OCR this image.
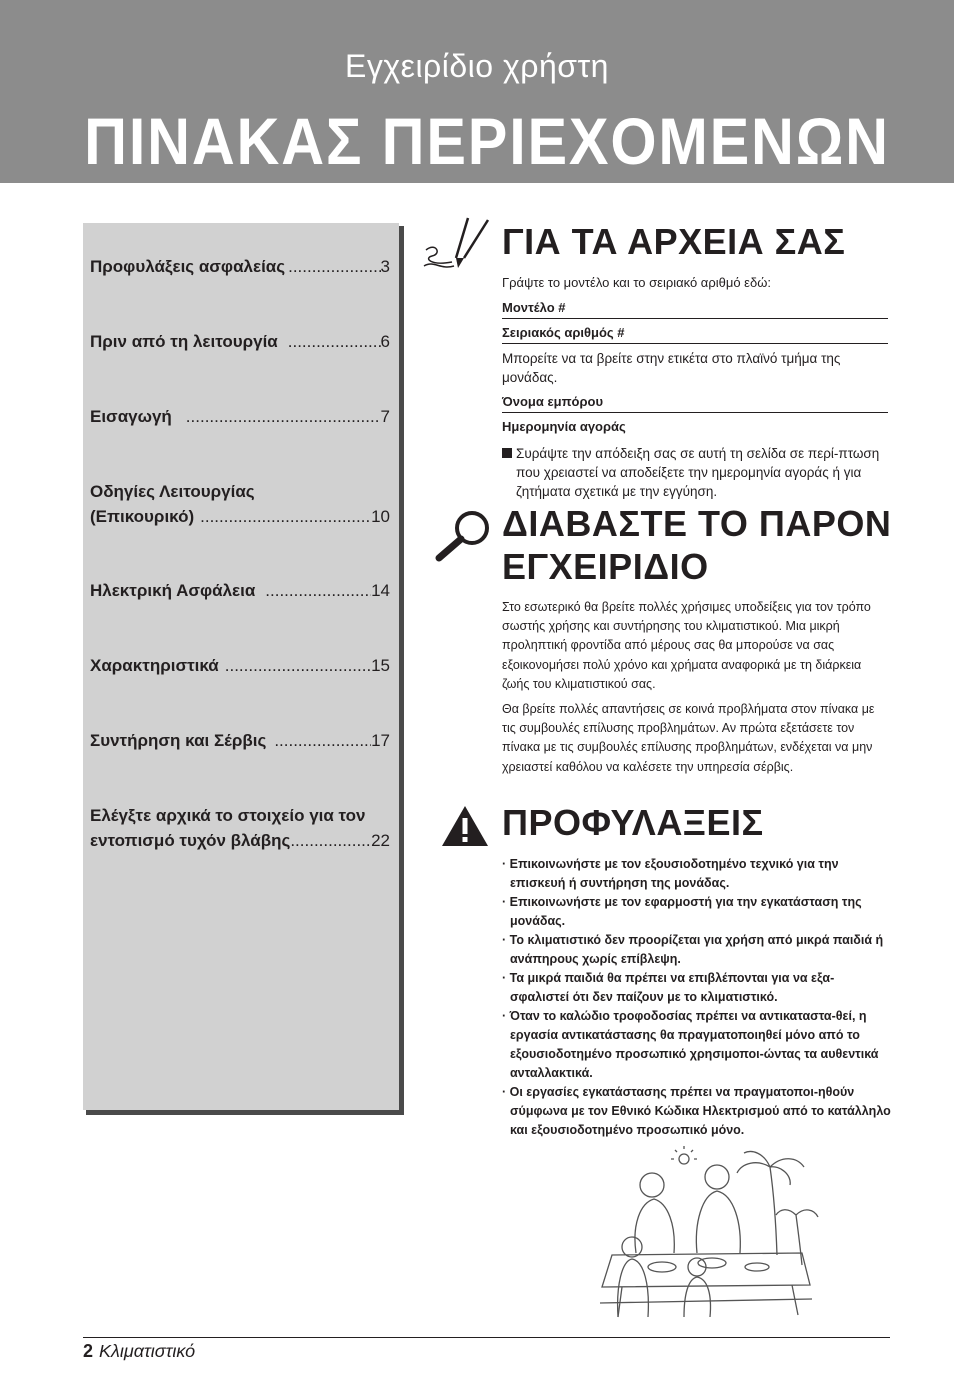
Εγχειρίδιο χρήστη
ΠΙΝΑΚΑΣ ΠΕΡΙΕΧΟΜΕΝΩΝ
Προφυλάξεις ασφαλείας .....	3
Πριν από τη λειτουργία .....	6
Εισαγωγή .....	7
Οδηγίες Λειτουργίας
(Επικουρικό) .....	10
Ηλεκτρική Ασφάλεια .....	14
Χαρακτηριστικά .....	15
Συντήρηση και Σέρβις .....	17
Ελέγξτε αρχικά το στοιχείο για τον
εντοπισμό τυχόν βλάβης .....	22
ΓΙΑ ΤΑ ΑΡΧΕΙΑ ΣΑΣ
Γράψτε το μοντέλο και το σειριακό αριθμό εδώ:
Μοντέλο #
Σειριακός αριθμός #
Μπορείτε να τα βρείτε στην ετικέτα στο πλαϊνό τμήμα της μονάδας.
Όνομα εμπόρου
Ημερομηνία αγοράς
Συράψτε την απόδειξη σας σε αυτή τη σελίδα σε περί-πτωση που χρειαστεί να αποδείξετε την ημερομηνία αγοράς ή για ζητήματα σχετικά με την εγγύηση.
ΔΙΑΒΑΣΤΕ ΤΟ ΠΑΡΟΝ
ΕΓΧΕΙΡΙΔΙΟ
Στο εσωτερικό θα βρείτε πολλές χρήσιμες υποδείξεις για τον τρόπο σωστής χρήσης και συντήρησης του κλιματιστικού. Μια μικρή προληπτική φροντίδα από μέρους σας θα μπορούσε να σας εξοικονομήσει πολύ χρόνο και χρήματα αναφορικά με τη διάρκεια ζωής του κλιματιστικού σας.
Θα βρείτε πολλές απαντήσεις σε κοινά προβλήματα στον πίνακα με τις συμβουλές επίλυσης προβλημάτων. Αν πρώτα εξετάσετε τον πίνακα με τις συμβουλές επίλυσης προβλημάτων, ενδέχεται να μην χρειαστεί καθόλου να καλέσετε την υπηρεσία σέρβις.
ΠΡΟΦΥΛΑΞΕΙΣ
· Επικοινωνήστε με τον εξουσιοδοτημένο τεχνικό για την επισκευή ή συντήρηση της μονάδας.
· Επικοινωνήστε με τον εφαρμοστή για την εγκατάσταση της μονάδας.
· Το κλιματιστικό δεν προορίζεται για χρήση από μικρά παιδιά ή ανάπηρους χωρίς επίβλεψη.
· Τα μικρά παιδιά θα πρέπει να επιβλέπονται για να εξα-σφαλιστεί ότι δεν παίζουν με το κλιματιστικό.
· Όταν το καλώδιο τροφοδοσίας πρέπει να αντικαταστα-θεί, η εργασία αντικατάστασης θα πραγματοποιηθεί μόνο από το εξουσιοδοτημένο προσωπικό χρησιμοποι-ώντας τα αυθεντικά ανταλλακτικά.
· Οι εργασίες εγκατάστασης πρέπει να πραγματοποι-ηθούν σύμφωνα με τον Εθνικό Κώδικα Ηλεκτρισμού από το κατάλληλο και εξουσιοδοτημένο προσωπικό μόνο.
2 Κλιματιστικό
